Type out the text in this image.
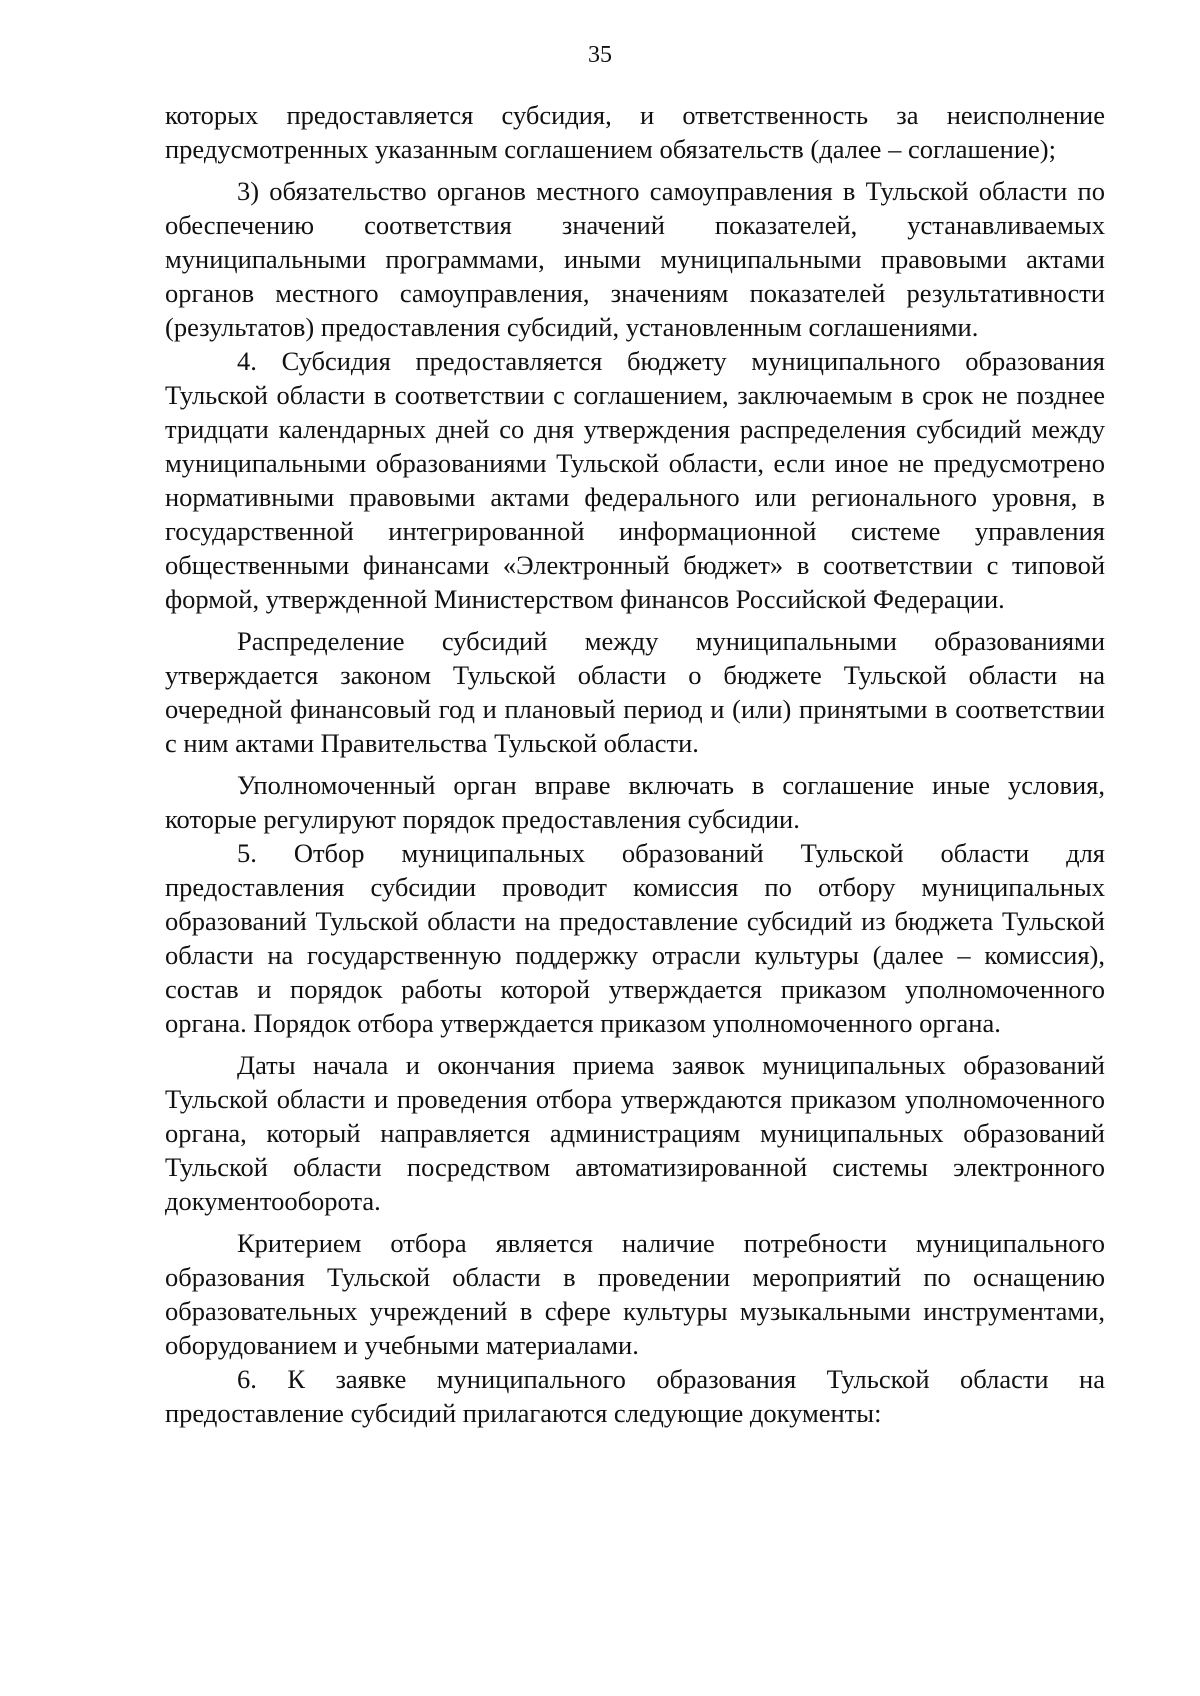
35

которых предоставляется субсидия, и ответственность за неисполнение предусмотренных указанным соглашением обязательств (далее – соглашение);

3) обязательство органов местного самоуправления в Тульской области по обеспечению соответствия значений показателей, устанавливаемых муниципальными программами, иными муниципальными правовыми актами органов местного самоуправления, значениям показателей результативности (результатов) предоставления субсидий, установленным соглашениями.

4. Субсидия предоставляется бюджету муниципального образования Тульской области в соответствии с соглашением, заключаемым в срок не позднее тридцати календарных дней со дня утверждения распределения субсидий между муниципальными образованиями Тульской области, если иное не предусмотрено нормативными правовыми актами федерального или регионального уровня, в государственной интегрированной информационной системе управления общественными финансами «Электронный бюджет» в соответствии с типовой формой, утвержденной Министерством финансов Российской Федерации.

Распределение субсидий между муниципальными образованиями утверждается законом Тульской области о бюджете Тульской области на очередной финансовый год и плановый период и (или) принятыми в соответствии с ним актами Правительства Тульской области.

Уполномоченный орган вправе включать в соглашение иные условия, которые регулируют порядок предоставления субсидии.

5. Отбор муниципальных образований Тульской области для предоставления субсидии проводит комиссия по отбору муниципальных образований Тульской области на предоставление субсидий из бюджета Тульской области на государственную поддержку отрасли культуры (далее – комиссия), состав и порядок работы которой утверждается приказом уполномоченного органа. Порядок отбора утверждается приказом уполномоченного органа.

Даты начала и окончания приема заявок муниципальных образований Тульской области и проведения отбора утверждаются приказом уполномоченного органа, который направляется администрациям муниципальных образований Тульской области посредством автоматизированной системы электронного документооборота.

Критерием отбора является наличие потребности муниципального образования Тульской области в проведении мероприятий по оснащению образовательных учреждений в сфере культуры музыкальными инструментами, оборудованием и учебными материалами.

6. К заявке муниципального образования Тульской области на предоставление субсидий прилагаются следующие документы:
